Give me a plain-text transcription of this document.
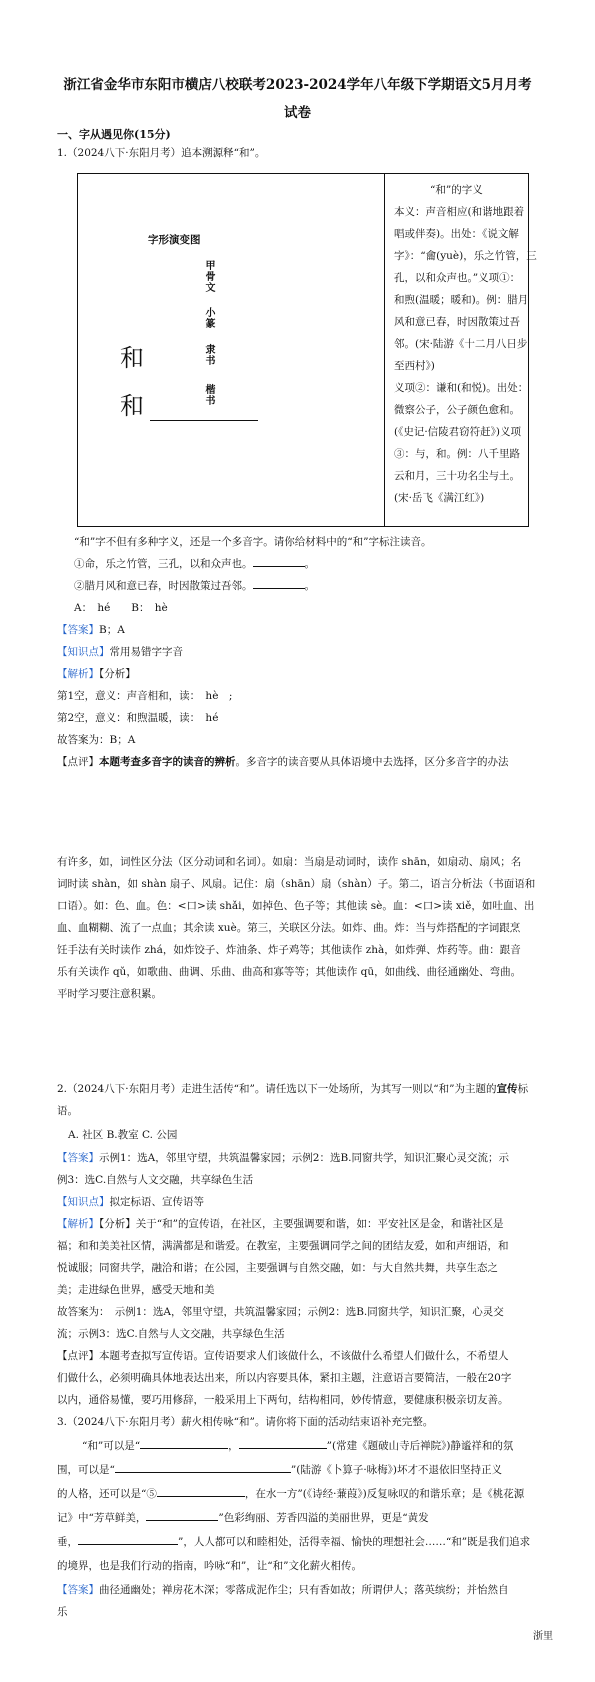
浙江省金华市东阳市横店八校联考2023-2024学年八年级下学期语文5月月考
试卷
一、字从遇见你(15分)
1.（2024八下·东阳月考）追本溯源释“和”。
字形演变图
甲骨文
小篆
隶书
楷书
和
和
“和”的字义
本义：声音相应(和谐地跟着
唱或伴奏)。出处：《说文解
字》：“龠(yuè)，乐之竹管，三
孔，以和众声也。”义项①：
和煦(温暖；暖和)。例：腊月
风和意已春，时因散策过吾
邻。(宋·陆游《十二月八日步
至西村》)
义项②：谦和(和悦)。出处：
微察公子，公子颜色愈和。
(《史记·信陵君窃符赶》)义项
③：与，和。例：八千里路
云和月，三十功名尘与土。
(宋·岳飞《满江红》)
“和”字不但有多种字义，还是一个多音字。请你给材料中的“和”字标注读音。
①命，乐之竹管，三孔，以和众声也。	。
②腊月风和意已春，时因散策过吾邻。	。
A：　hé　　B：　hè
【答案】B；A
【知识点】常用易错字字音
【解析】【分析】
第1空，意义：声音相和，读：　hè　;
第2空，意义：和煦温暖，读：　hé
故答案为：B；A
【点评】本题考查多音字的读音的辨析。多音字的读音要从具体语境中去选择，区分多音字的办法
有许多，如，词性区分法（区分动词和名词）。如扇：当扇是动词时，读作 shān，如扇动、扇风；名
词时读 shàn，如 shàn 扇子、风扇。记住：扇（shān）扇（shàn）子。第二，语言分析法（书面语和
口语）。如：色、血。色：<口>读 shǎi，如掉色、色子等；其他读 sè。血：<口>读 xiě，如吐血、出
血、血糊糊、流了一点血；其余读 xuè。第三，关联区分法。如炸、曲。炸：当与炸搭配的字词跟烹
饪手法有关时读作 zhá，如炸饺子、炸油条、炸子鸡等；其他读作 zhà，如炸弹、炸药等。曲：跟音
乐有关读作 qǔ，如歌曲、曲调、乐曲、曲高和寡等等；其他读作 qū，如曲线、曲径通幽处、弯曲。
平时学习要注意积累。
2.（2024八下·东阳月考）走进生活传“和”。请任选以下一处场所，为其写一则以“和”为主题的宣传标
语。
A. 社区 B.教室 C. 公园
【答案】示例1：选A，邻里守望，共筑温馨家园；示例2：选B.同窗共学，知识汇聚心灵交流；示
例3：选C.自然与人文交融，共享绿色生活
【知识点】拟定标语、宣传语等
【解析】【分析】关于“和”的宣传语，在社区，主要强调要和谐，如：平安社区是金，和谐社区是
福；和和美美社区情，满满都是和谐爱。在教室，主要强调同学之间的团结友爱，如和声细语，和
悦诚服；同窗共学，融洽和谐；在公园，主要强调与自然交融，如：与大自然共舞，共享生态之
美；走进绿色世界，感受天地和美
故答案为：　示例1：选A，邻里守望，共筑温馨家园；示例2：选B.同窗共学，知识汇聚，心灵交
流；示例3：选C.自然与人文交融，共享绿色生活
【点评】本题考查拟写宣传语。宣传语要求人们该做什么，不该做什么希望人们做什么，不希望人
们做什么，必须明确具体地表达出来，所以内容要具体，紧扣主题，注意语言要简洁，一般在20字
以内，通俗易懂，要巧用修辞，一般采用上下两句，结构相同，妙传情意，要健康积极亲切友善。
3.（2024八下·东阳月考）薪火相传咏“和”。请你将下面的活动结束语补充完整。
“和”可以是“	，	”(常建《题破山寺后禅院》)静谧祥和的氛
围，可以是“	”(陆游《卜算子·咏梅》)坏才不退依旧坚持正义
的人格，还可以是“⑤	，在水一方”(《诗经·蒹葭》)反复咏叹的和谐乐章；是《桃花源
记》中“芳草鲜美，	”色彩绚丽、芳香四溢的美丽世界，更是“黄发
垂，	”，人人都可以和睦相处，活得幸福、愉快的理想社会……“和”既是我们追求
的境界，也是我们行动的指南，吟咏“和”，让“和”文化薪火相传。
【答案】曲径通幽处；禅房花木深；零落成泥作尘；只有香如故；所谓伊人；落英缤纷；并怡然自
乐
浙里
